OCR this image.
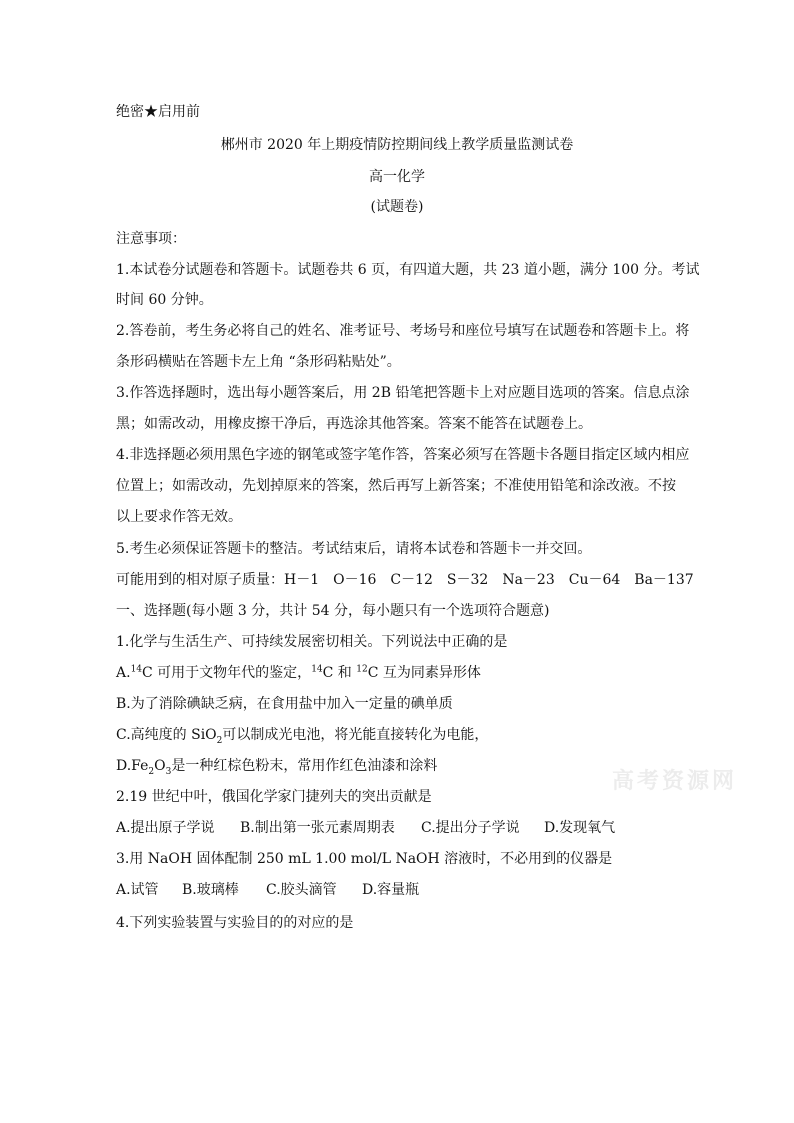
绝密★启用前
郴州市 2020 年上期疫情防控期间线上教学质量监测试卷
高一化学
(试题卷)
注意事项：
1.本试卷分试题卷和答题卡。试题卷共 6 页，有四道大题，共 23 道小题，满分 100 分。考试
时间 60 分钟。
2.答卷前，考生务必将自己的姓名、准考证号、考场号和座位号填写在试题卷和答题卡上。将
条形码横贴在答题卡左上角 “条形码粘贴处”。
3.作答选择题时，选出每小题答案后，用 2B 铅笔把答题卡上对应题目选项的答案。信息点涂
黑；如需改动，用橡皮擦干净后，再选涂其他答案。答案不能答在试题卷上。
4.非选择题必须用黑色字迹的钢笔或签字笔作答，答案必须写在答题卡各题目指定区域内相应
位置上；如需改动，先划掉原来的答案，然后再写上新答案；不准使用铅笔和涂改液。不按
以上要求作答无效。
5.考生必须保证答题卡的整洁。考试结束后，请将本试卷和答题卡一并交回。
可能用到的相对原子质量：H－1　O－16　C－12　S－32　Na－23　Cu－64　Ba－137
一、选择题(每小题 3 分，共计 54 分，每小题只有一个选项符合题意)
1.化学与生活生产、可持续发展密切相关。下列说法中正确的是
A.$^{14}$C 可用于文物年代的鉴定，$^{14}$C 和 $^{12}$C 互为同素异形体
B.为了消除碘缺乏病，在食用盐中加入一定量的碘单质
C.高纯度的 SiO$_2$可以制成光电池，将光能直接转化为电能，
$D.Fe_2O_3$是一种红棕色粉末，常用作红色油漆和涂料
2.19 世纪中叶，俄国化学家门捷列夫的突出贡献是
A.提出原子学说 B.制出第一张元素周期表 C.提出分子学说 D.发现氧气
3.用 NaOH 固体配制 250 mL 1.00 mol/L NaOH 溶液时，不必用到的仪器是
A.试管 B.玻璃棒 C.胶头滴管 D.容量瓶
4.下列实验装置与实验目的的对应的是
高考资源网
